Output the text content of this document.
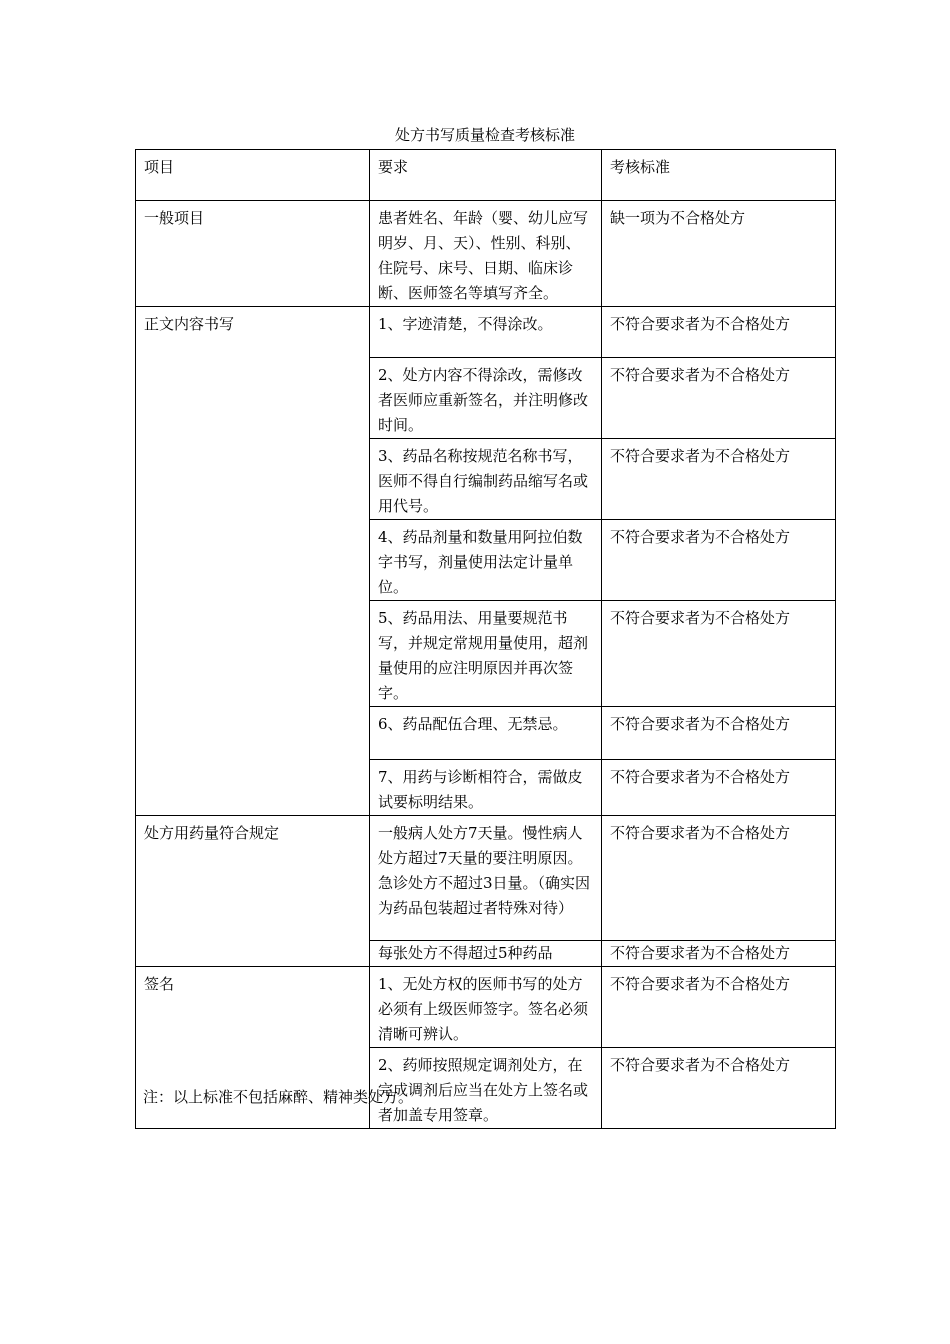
处方书写质量检查考核标准
项目	要求	考核标准
一般项目	患者姓名、年龄（婴、幼儿应写明岁、月、天）、性别、科别、住院号、床号、日期、临床诊断、医师签名等填写齐全。	缺一项为不合格处方
正文内容书写	1、字迹清楚，不得涂改。	不符合要求者为不合格处方
	2、处方内容不得涂改，需修改者医师应重新签名，并注明修改时间。	不符合要求者为不合格处方
	3、药品名称按规范名称书写，医师不得自行编制药品缩写名或用代号。	不符合要求者为不合格处方
	4、药品剂量和数量用阿拉伯数字书写，剂量使用法定计量单位。	不符合要求者为不合格处方
	5、药品用法、用量要规范书写，并规定常规用量使用，超剂量使用的应注明原因并再次签字。	不符合要求者为不合格处方
	6、药品配伍合理、无禁忌。	不符合要求者为不合格处方
	7、用药与诊断相符合，需做皮试要标明结果。	不符合要求者为不合格处方
处方用药量符合规定	一般病人处方7天量。慢性病人处方超过7天量的要注明原因。急诊处方不超过3日量。（确实因为药品包装超过者特殊对待）	不符合要求者为不合格处方
	每张处方不得超过5种药品	不符合要求者为不合格处方
签名	1、无处方权的医师书写的处方必须有上级医师签字。签名必须清晰可辨认。	不符合要求者为不合格处方
	2、药师按照规定调剂处方，在完成调剂后应当在处方上签名或者加盖专用签章。	不符合要求者为不合格处方
注：以上标准不包括麻醉、精神类处方。
